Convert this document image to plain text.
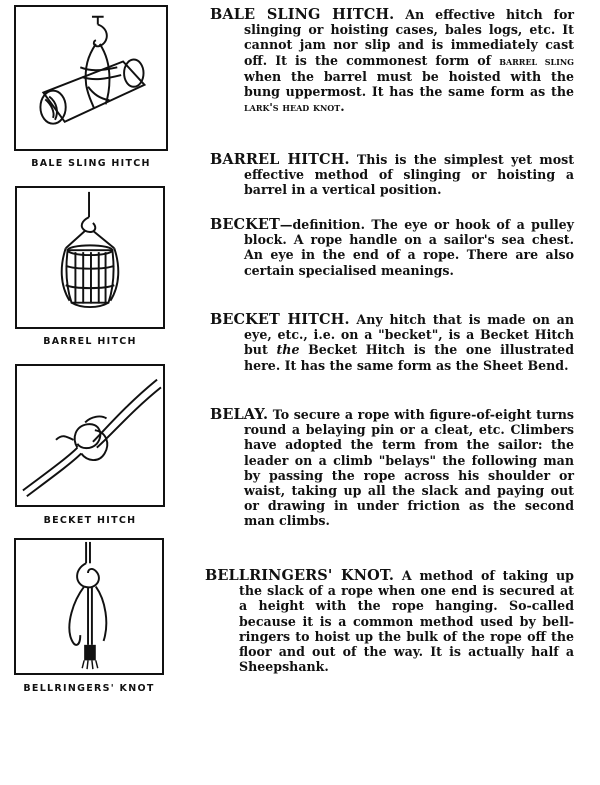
BALE SLING HITCH
BARREL HITCH
BECKET HITCH
BELLRINGERS' KNOT
BALE SLING HITCH. An effective hitch for slinging or hoisting cases, bales logs, etc. It cannot jam nor slip and is immediately cast off. It is the commonest form of barrel sling when the barrel must be hoisted with the bung uppermost. It has the same form as the lark's head knot.
BARREL HITCH. This is the simplest yet most effective method of slinging or hoisting a barrel in a vertical position.
BECKET—definition. The eye or hook of a pulley block. A rope handle on a sailor's sea chest. An eye in the end of a rope. There are also certain specialised meanings.
BECKET HITCH. Any hitch that is made on an eye, etc., i.e. on a "becket", is a Becket Hitch but the Becket Hitch is the one illustrated here. It has the same form as the Sheet Bend.
BELAY. To secure a rope with figure-of-eight turns round a belaying pin or a cleat, etc. Climbers have adopted the term from the sailor: the leader on a climb "belays" the following man by passing the rope across his shoulder or waist, taking up all the slack and paying out or drawing in under friction as the second man climbs.
BELLRINGERS' KNOT. A method of taking up the slack of a rope when one end is secured at a height with the rope hanging. So-called because it is a common method used by bell-ringers to hoist up the bulk of the rope off the floor and out of the way. It is actually half a Sheepshank.
